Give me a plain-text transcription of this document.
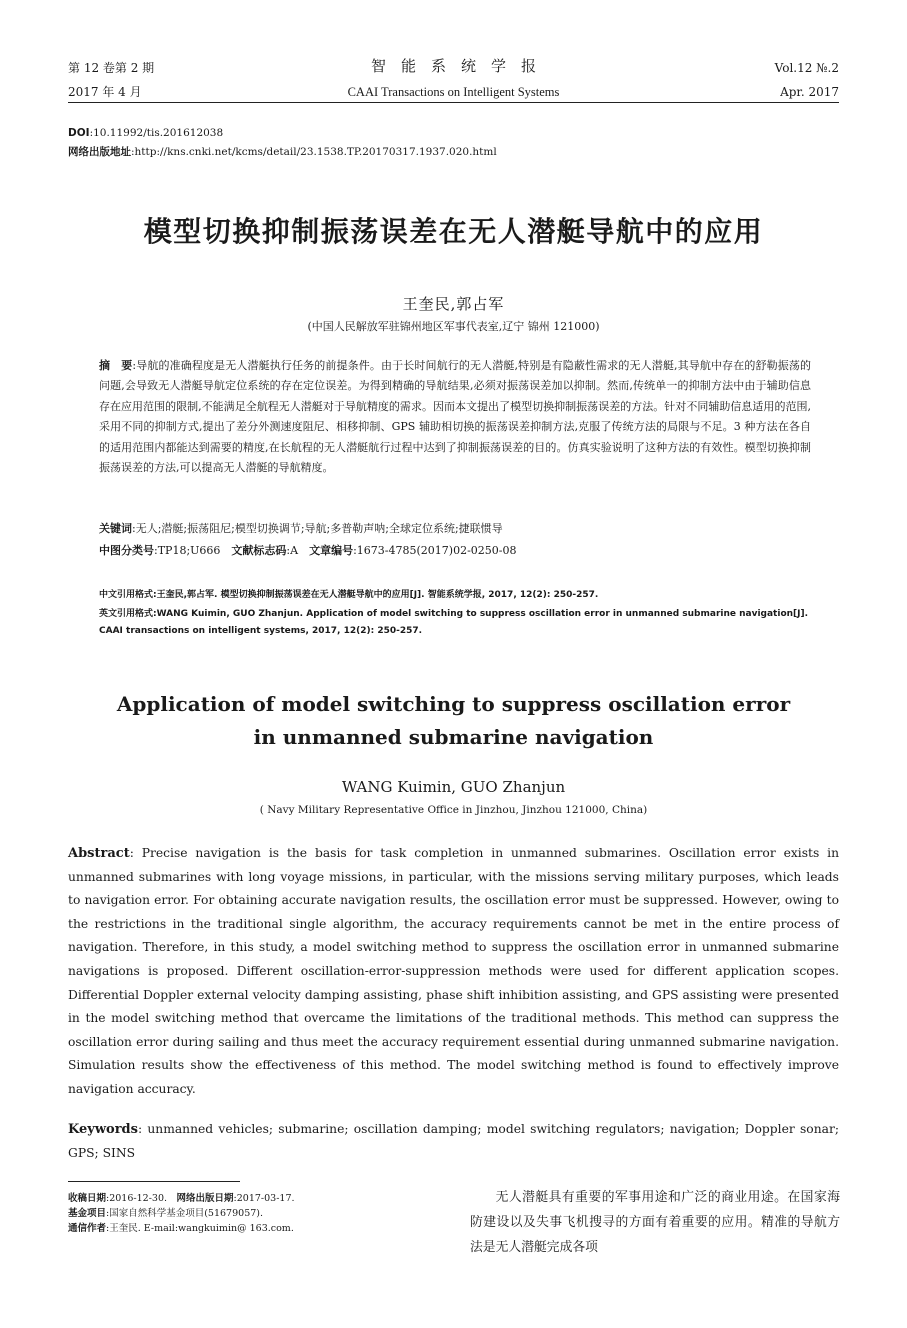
第 12 卷第 2 期
2017 年 4 月
智　能　系　统　学　报
CAAI Transactions on Intelligent Systems
Vol.12 №.2
Apr. 2017
DOI:10.11992/tis.201612038
网络出版地址:http://kns.cnki.net/kcms/detail/23.1538.TP.20170317.1937.020.html
模型切换抑制振荡误差在无人潜艇导航中的应用
王奎民,郭占军
(中国人民解放军驻锦州地区军事代表室,辽宁 锦州 121000)
摘　要:导航的准确程度是无人潜艇执行任务的前提条件。由于长时间航行的无人潜艇,特别是有隐蔽性需求的无人潜艇,其导航中存在的舒勒振荡的问题,会导致无人潜艇导航定位系统的存在定位误差。为得到精确的导航结果,必须对振荡误差加以抑制。然而,传统单一的抑制方法中由于辅助信息存在应用范围的限制,不能满足全航程无人潜艇对于导航精度的需求。因而本文提出了模型切换抑制振荡误差的方法。针对不同辅助信息适用的范围,采用不同的抑制方式,提出了差分外测速度阻尼、相移抑制、GPS 辅助相切换的振荡误差抑制方法,克服了传统方法的局限与不足。3 种方法在各自的适用范围内都能达到需要的精度,在长航程的无人潜艇航行过程中达到了抑制振荡误差的目的。仿真实验说明了这种方法的有效性。模型切换抑制振荡误差的方法,可以提高无人潜艇的导航精度。
关键词:无人;潜艇;振荡阻尼;模型切换调节;导航;多普勒声呐;全球定位系统;捷联惯导
中图分类号:TP18;U666　文献标志码:A　文章编号:1673-4785(2017)02-0250-08
中文引用格式:王奎民,郭占军. 模型切换抑制振荡误差在无人潜艇导航中的应用[J]. 智能系统学报, 2017, 12(2): 250-257.
英文引用格式:WANG Kuimin, GUO Zhanjun. Application of model switching to suppress oscillation error in unmanned submarine navigation[J]. CAAI transactions on intelligent systems, 2017, 12(2): 250-257.
Application of model switching to suppress oscillation error
in unmanned submarine navigation
WANG Kuimin, GUO Zhanjun
( Navy Military Representative Office in Jinzhou, Jinzhou 121000, China)
Abstract: Precise navigation is the basis for task completion in unmanned submarines. Oscillation error exists in unmanned submarines with long voyage missions, in particular, with the missions serving military purposes, which leads to navigation error. For obtaining accurate navigation results, the oscillation error must be suppressed. However, owing to the restrictions in the traditional single algorithm, the accuracy requirements cannot be met in the entire process of navigation. Therefore, in this study, a model switching method to suppress the oscillation error in unmanned submarine navigations is proposed. Different oscillation-error-suppression methods were used for different application scopes. Differential Doppler external velocity damping assisting, phase shift inhibition assisting, and GPS assisting were presented in the model switching method that overcame the limitations of the traditional methods. This method can suppress the oscillation error during sailing and thus meet the accuracy requirement essential during unmanned submarine navigation. Simulation results show the effectiveness of this method. The model switching method is found to effectively improve navigation accuracy.
Keywords: unmanned vehicles; submarine; oscillation damping; model switching regulators; navigation; Doppler sonar; GPS; SINS
收稿日期:2016-12-30.　网络出版日期:2017-03-17.
基金项目:国家自然科学基金项目(51679057).
通信作者:王奎民. E-mail:wangkuimin@ 163.com.
无人潜艇具有重要的军事用途和广泛的商业用途。在国家海防建设以及失事飞机搜寻的方面有着重要的应用。精准的导航方法是无人潜艇完成各项
